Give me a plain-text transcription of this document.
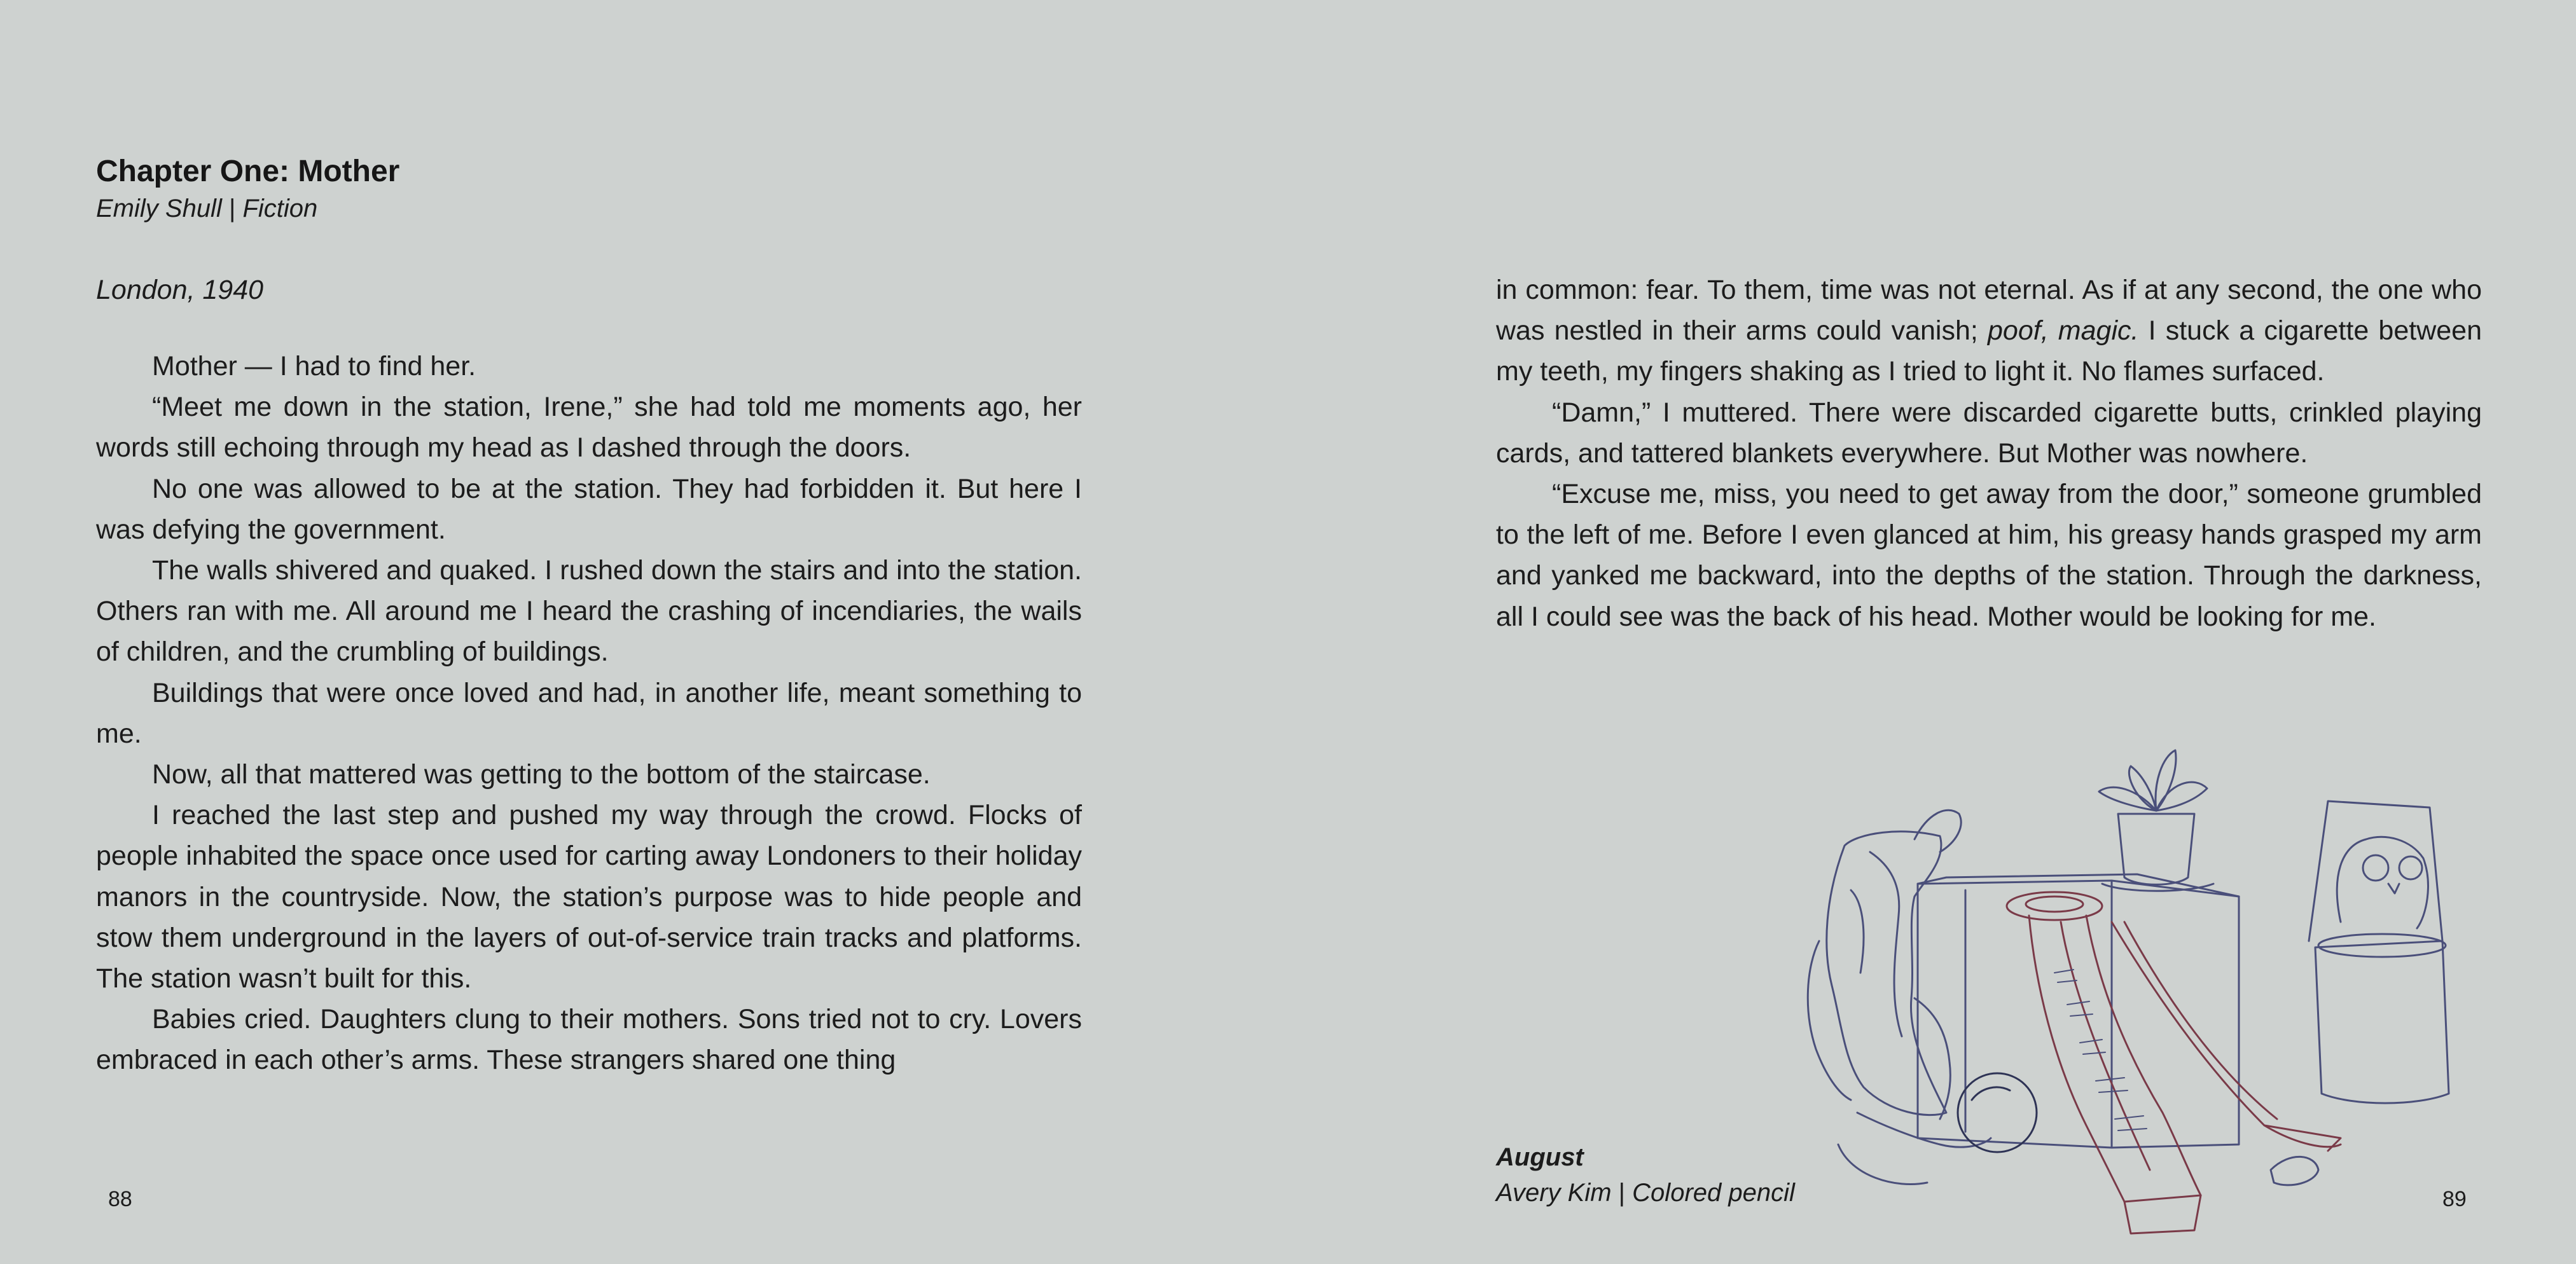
Chapter One: Mother
Emily Shull | Fiction
London, 1940

Mother — I had to find her.

“Meet me down in the station, Irene,” she had told me moments ago, her words still echoing through my head as I dashed through the doors.

No one was allowed to be at the station. They had forbidden it. But here I was defying the government.

The walls shivered and quaked. I rushed down the stairs and into the station. Others ran with me. All around me I heard the crashing of incendiaries, the wails of children, and the crumbling of buildings.

Buildings that were once loved and had, in another life, meant something to me.

Now, all that mattered was getting to the bottom of the staircase.

I reached the last step and pushed my way through the crowd. Flocks of people inhabited the space once used for carting away Londoners to their holiday manors in the countryside. Now, the station’s purpose was to hide people and stow them underground in the layers of out-of-service train tracks and platforms. The station wasn’t built for this.

Babies cried. Daughters clung to their mothers. Sons tried not to cry. Lovers embraced in each other’s arms. These strangers shared one thing

88

in common: fear. To them, time was not eternal. As if at any second, the one who was nestled in their arms could vanish; poof, magic. I stuck a cigarette between my teeth, my fingers shaking as I tried to light it. No flames surfaced.

“Damn,” I muttered. There were discarded cigarette butts, crinkled playing cards, and tattered blankets everywhere. But Mother was nowhere.

“Excuse me, miss, you need to get away from the door,” someone grumbled to the left of me. Before I even glanced at him, his greasy hands grasped my arm and yanked me backward, into the depths of the station. Through the darkness, all I could see was the back of his head. Mother would be looking for me.

89
August
Avery Kim | Colored pencil
